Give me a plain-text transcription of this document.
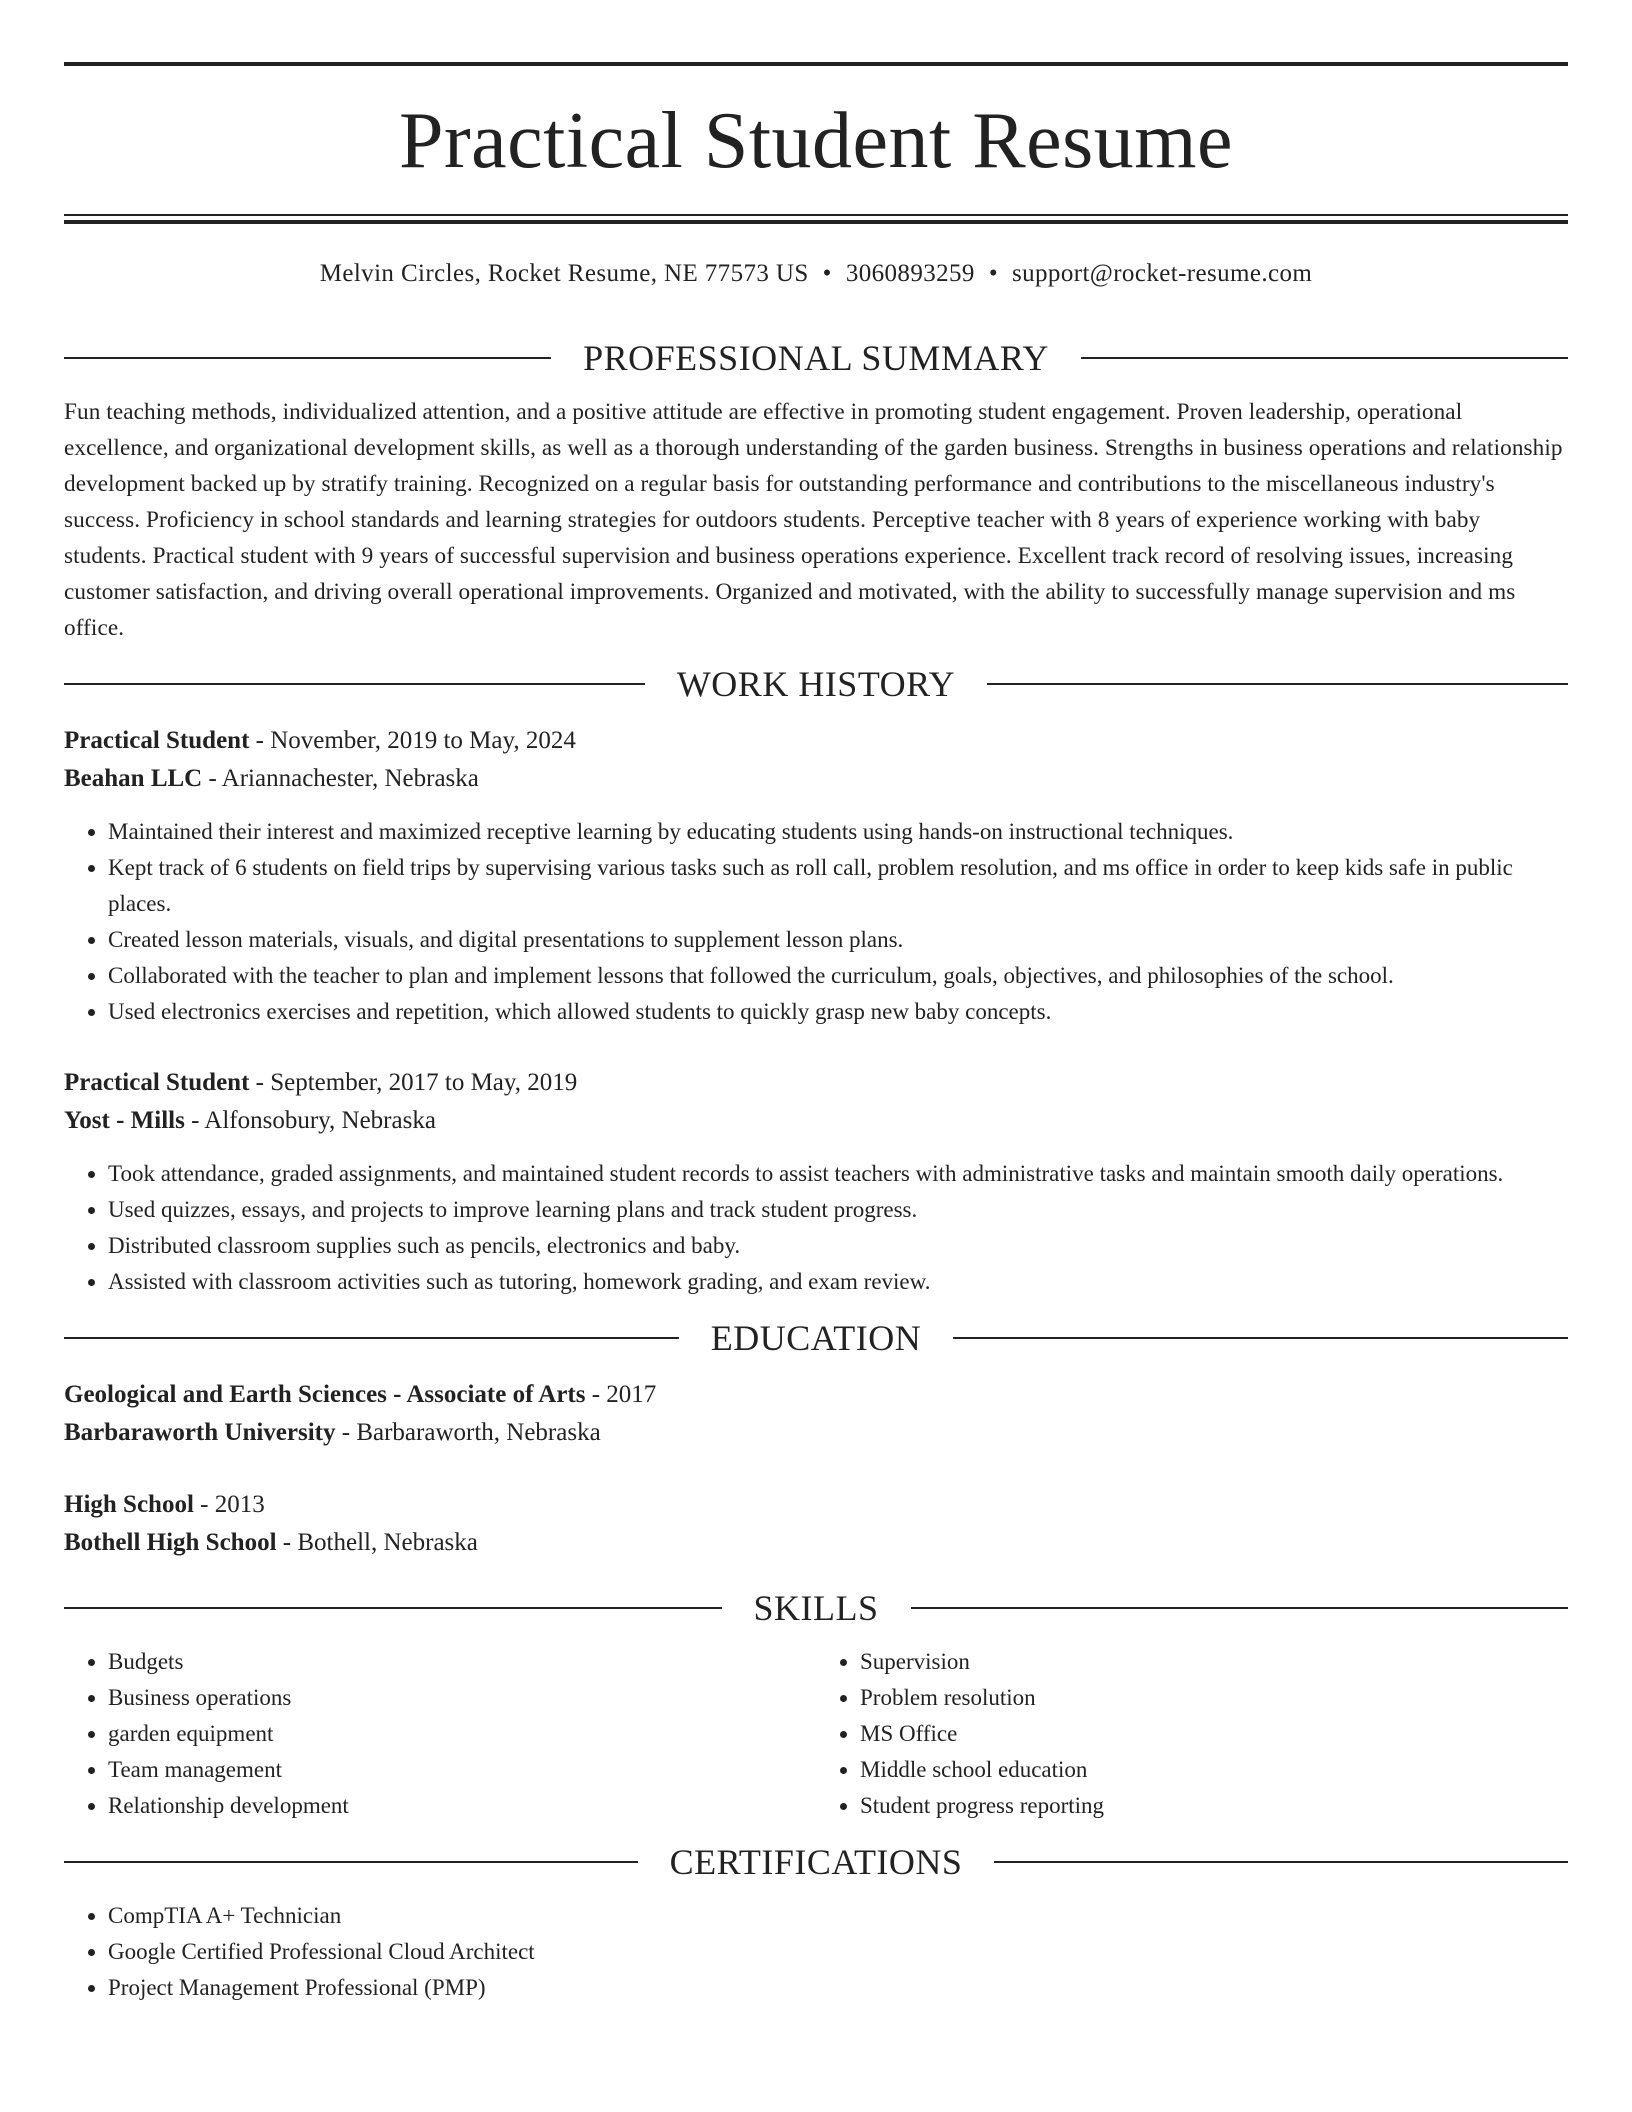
Practical Student Resume
Melvin Circles, Rocket Resume, NE 77573 US • 3060893259 • support@rocket-resume.com
PROFESSIONAL SUMMARY

Fun teaching methods, individualized attention, and a positive attitude are effective in promoting student engagement. Proven leadership, operational excellence, and organizational development skills, as well as a thorough understanding of the garden business. Strengths in business operations and relationship development backed up by stratify training. Recognized on a regular basis for outstanding performance and contributions to the miscellaneous industry's success. Proficiency in school standards and learning strategies for outdoors students. Perceptive teacher with 8 years of experience working with baby students. Practical student with 9 years of successful supervision and business operations experience. Excellent track record of resolving issues, increasing customer satisfaction, and driving overall operational improvements. Organized and motivated, with the ability to successfully manage supervision and ms office.

WORK HISTORY
Practical Student - November, 2019 to May, 2024
Beahan LLC - Ariannachester, Nebraska
• Maintained their interest and maximized receptive learning by educating students using hands-on instructional techniques.
• Kept track of 6 students on field trips by supervising various tasks such as roll call, problem resolution, and ms office in order to keep kids safe in public places.
• Created lesson materials, visuals, and digital presentations to supplement lesson plans.
• Collaborated with the teacher to plan and implement lessons that followed the curriculum, goals, objectives, and philosophies of the school.
• Used electronics exercises and repetition, which allowed students to quickly grasp new baby concepts.
Practical Student - September, 2017 to May, 2019
Yost - Mills - Alfonsobury, Nebraska
• Took attendance, graded assignments, and maintained student records to assist teachers with administrative tasks and maintain smooth daily operations.
• Used quizzes, essays, and projects to improve learning plans and track student progress.
• Distributed classroom supplies such as pencils, electronics and baby.
• Assisted with classroom activities such as tutoring, homework grading, and exam review.
EDUCATION
Geological and Earth Sciences - Associate of Arts - 2017
Barbaraworth University - Barbaraworth, Nebraska
High School - 2013
Bothell High School - Bothell, Nebraska
SKILLS
• Budgets
• Business operations
• garden equipment
• Team management
• Relationship development
• Supervision
• Problem resolution
• MS Office
• Middle school education
• Student progress reporting
CERTIFICATIONS
• CompTIA A+ Technician
• Google Certified Professional Cloud Architect
• Project Management Professional (PMP)
